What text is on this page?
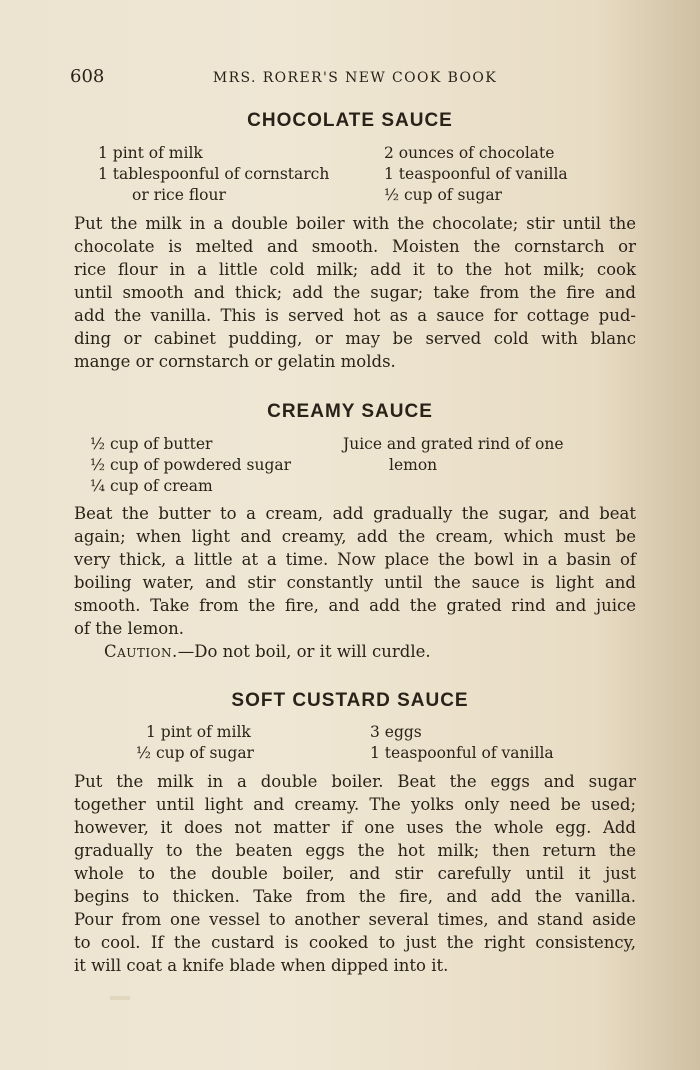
608	MRS. RORER'S NEW COOK BOOK
CHOCOLATE SAUCE
1 pint of milk
1 tablespoonful of cornstarch
or rice flour
2 ounces of chocolate
1 teaspoonful of vanilla
½ cup of sugar
Put the milk in a double boiler with the chocolate; stir until the
chocolate is melted and smooth. Moisten the cornstarch or
rice flour in a little cold milk; add it to the hot milk; cook
until smooth and thick; add the sugar; take from the fire and
add the vanilla. This is served hot as a sauce for cottage pud-
ding or cabinet pudding, or may be served cold with blanc
mange or cornstarch or gelatin molds.
CREAMY SAUCE
½ cup of butter
½ cup of powdered sugar
¼ cup of cream
Juice and grated rind of one
lemon
Beat the butter to a cream, add gradually the sugar, and beat
again; when light and creamy, add the cream, which must be
very thick, a little at a time. Now place the bowl in a basin of
boiling water, and stir constantly until the sauce is light and
smooth. Take from the fire, and add the grated rind and juice
of the lemon.
Caution.—Do not boil, or it will curdle.
SOFT CUSTARD SAUCE
1 pint of milk
½ cup of sugar
3 eggs
1 teaspoonful of vanilla
Put the milk in a double boiler. Beat the eggs and sugar
together until light and creamy. The yolks only need be used;
however, it does not matter if one uses the whole egg. Add
gradually to the beaten eggs the hot milk; then return the
whole to the double boiler, and stir carefully until it just
begins to thicken. Take from the fire, and add the vanilla.
Pour from one vessel to another several times, and stand aside
to cool. If the custard is cooked to just the right consistency,
it will coat a knife blade when dipped into it.
